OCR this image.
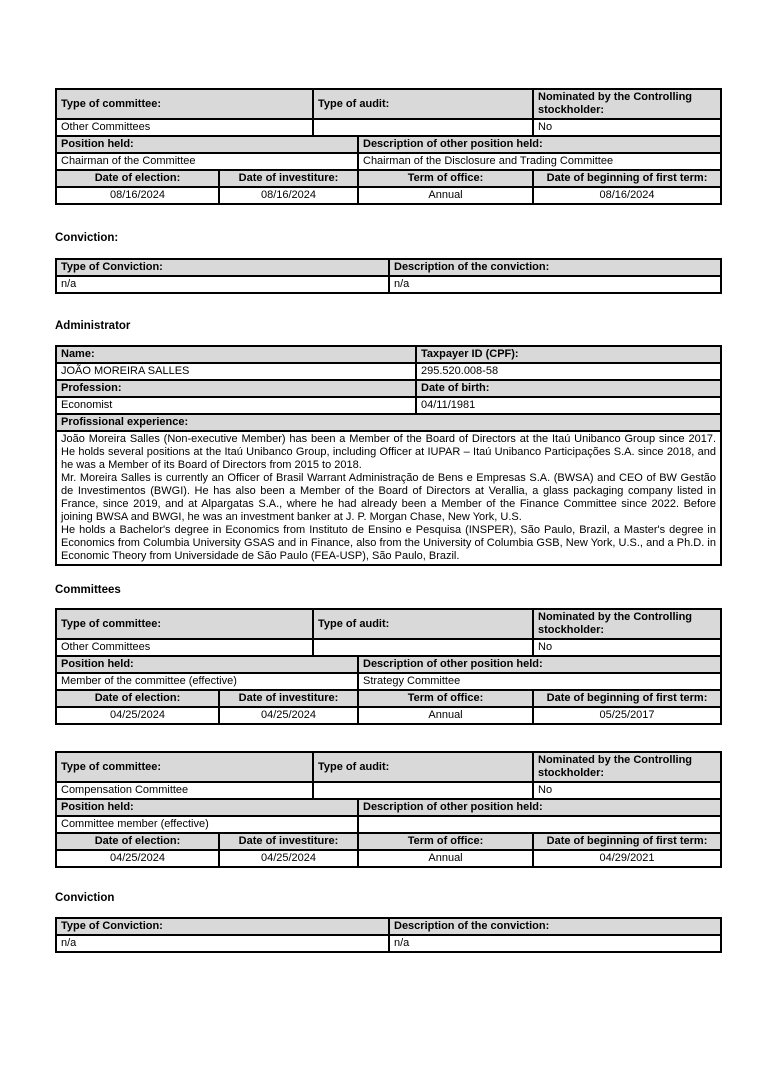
Type of committee:		Type of audit:		Nominated by the Controlling stockholder:
Other Committees				No
Position held:			Description of other position held:	
Chairman of the Committee			Chairman of the Disclosure and Trading Committee	
Date of election:	Date of investiture:		Term of office:	Date of beginning of first term:
08/16/2024	08/16/2024		Annual	08/16/2024
Conviction:
Type of Conviction:	Description of the conviction:
n/a	n/a
Administrator
Name:	Taxpayer ID (CPF):
JOÃO MOREIRA SALLES	295.520.008-58
Profession:	Date of birth:
Economist	04/11/1981
Profissional experience:	

João Moreira Salles (Non-executive Member) has been a Member of the Board of Directors at the Itaú Unibanco Group since 2017. He holds several positions at the Itaú Unibanco Group, including Officer at IUPAR – Itaú Unibanco Participações S.A. since 2018, and he was a Member of its Board of Directors from 2015 to 2018.
Mr. Moreira Salles is currently an Officer of Brasil Warrant Administração de Bens e Empresas S.A. (BWSA) and CEO of BW Gestão de Investimentos (BWGI). He has also been a Member of the Board of Directors at Verallia, a glass packaging company listed in France, since 2019, and at Alpargatas S.A., where he had already been a Member of the Finance Committee since 2022. Before joining BWSA and BWGI, he was an investment banker at J. P. Morgan Chase, New York, U.S.
He holds a Bachelor's degree in Economics from Instituto de Ensino e Pesquisa (INSPER), São Paulo, Brazil, a Master's degree in Economics from Columbia University GSAS and in Finance, also from the University of Columbia GSB, New York, U.S., and a Ph.D. in Economic Theory from Universidade de São Paulo (FEA-USP), São Paulo, Brazil.	
Committees
Type of committee:		Type of audit:		Nominated by the Controlling stockholder:
Other Committees				No
Position held:			Description of other position held:	
Member of the committee (effective)			Strategy Committee	
Date of election:	Date of investiture:		Term of office:	Date of beginning of first term:
04/25/2024	04/25/2024		Annual	05/25/2017
Type of committee:		Type of audit:		Nominated by the Controlling stockholder:
Compensation Committee				No
Position held:			Description of other position held:	
Committee member (effective)				
Date of election:	Date of investiture:		Term of office:	Date of beginning of first term:
04/25/2024	04/25/2024		Annual	04/29/2021
Conviction
Type of Conviction:	Description of the conviction:
n/a	n/a
